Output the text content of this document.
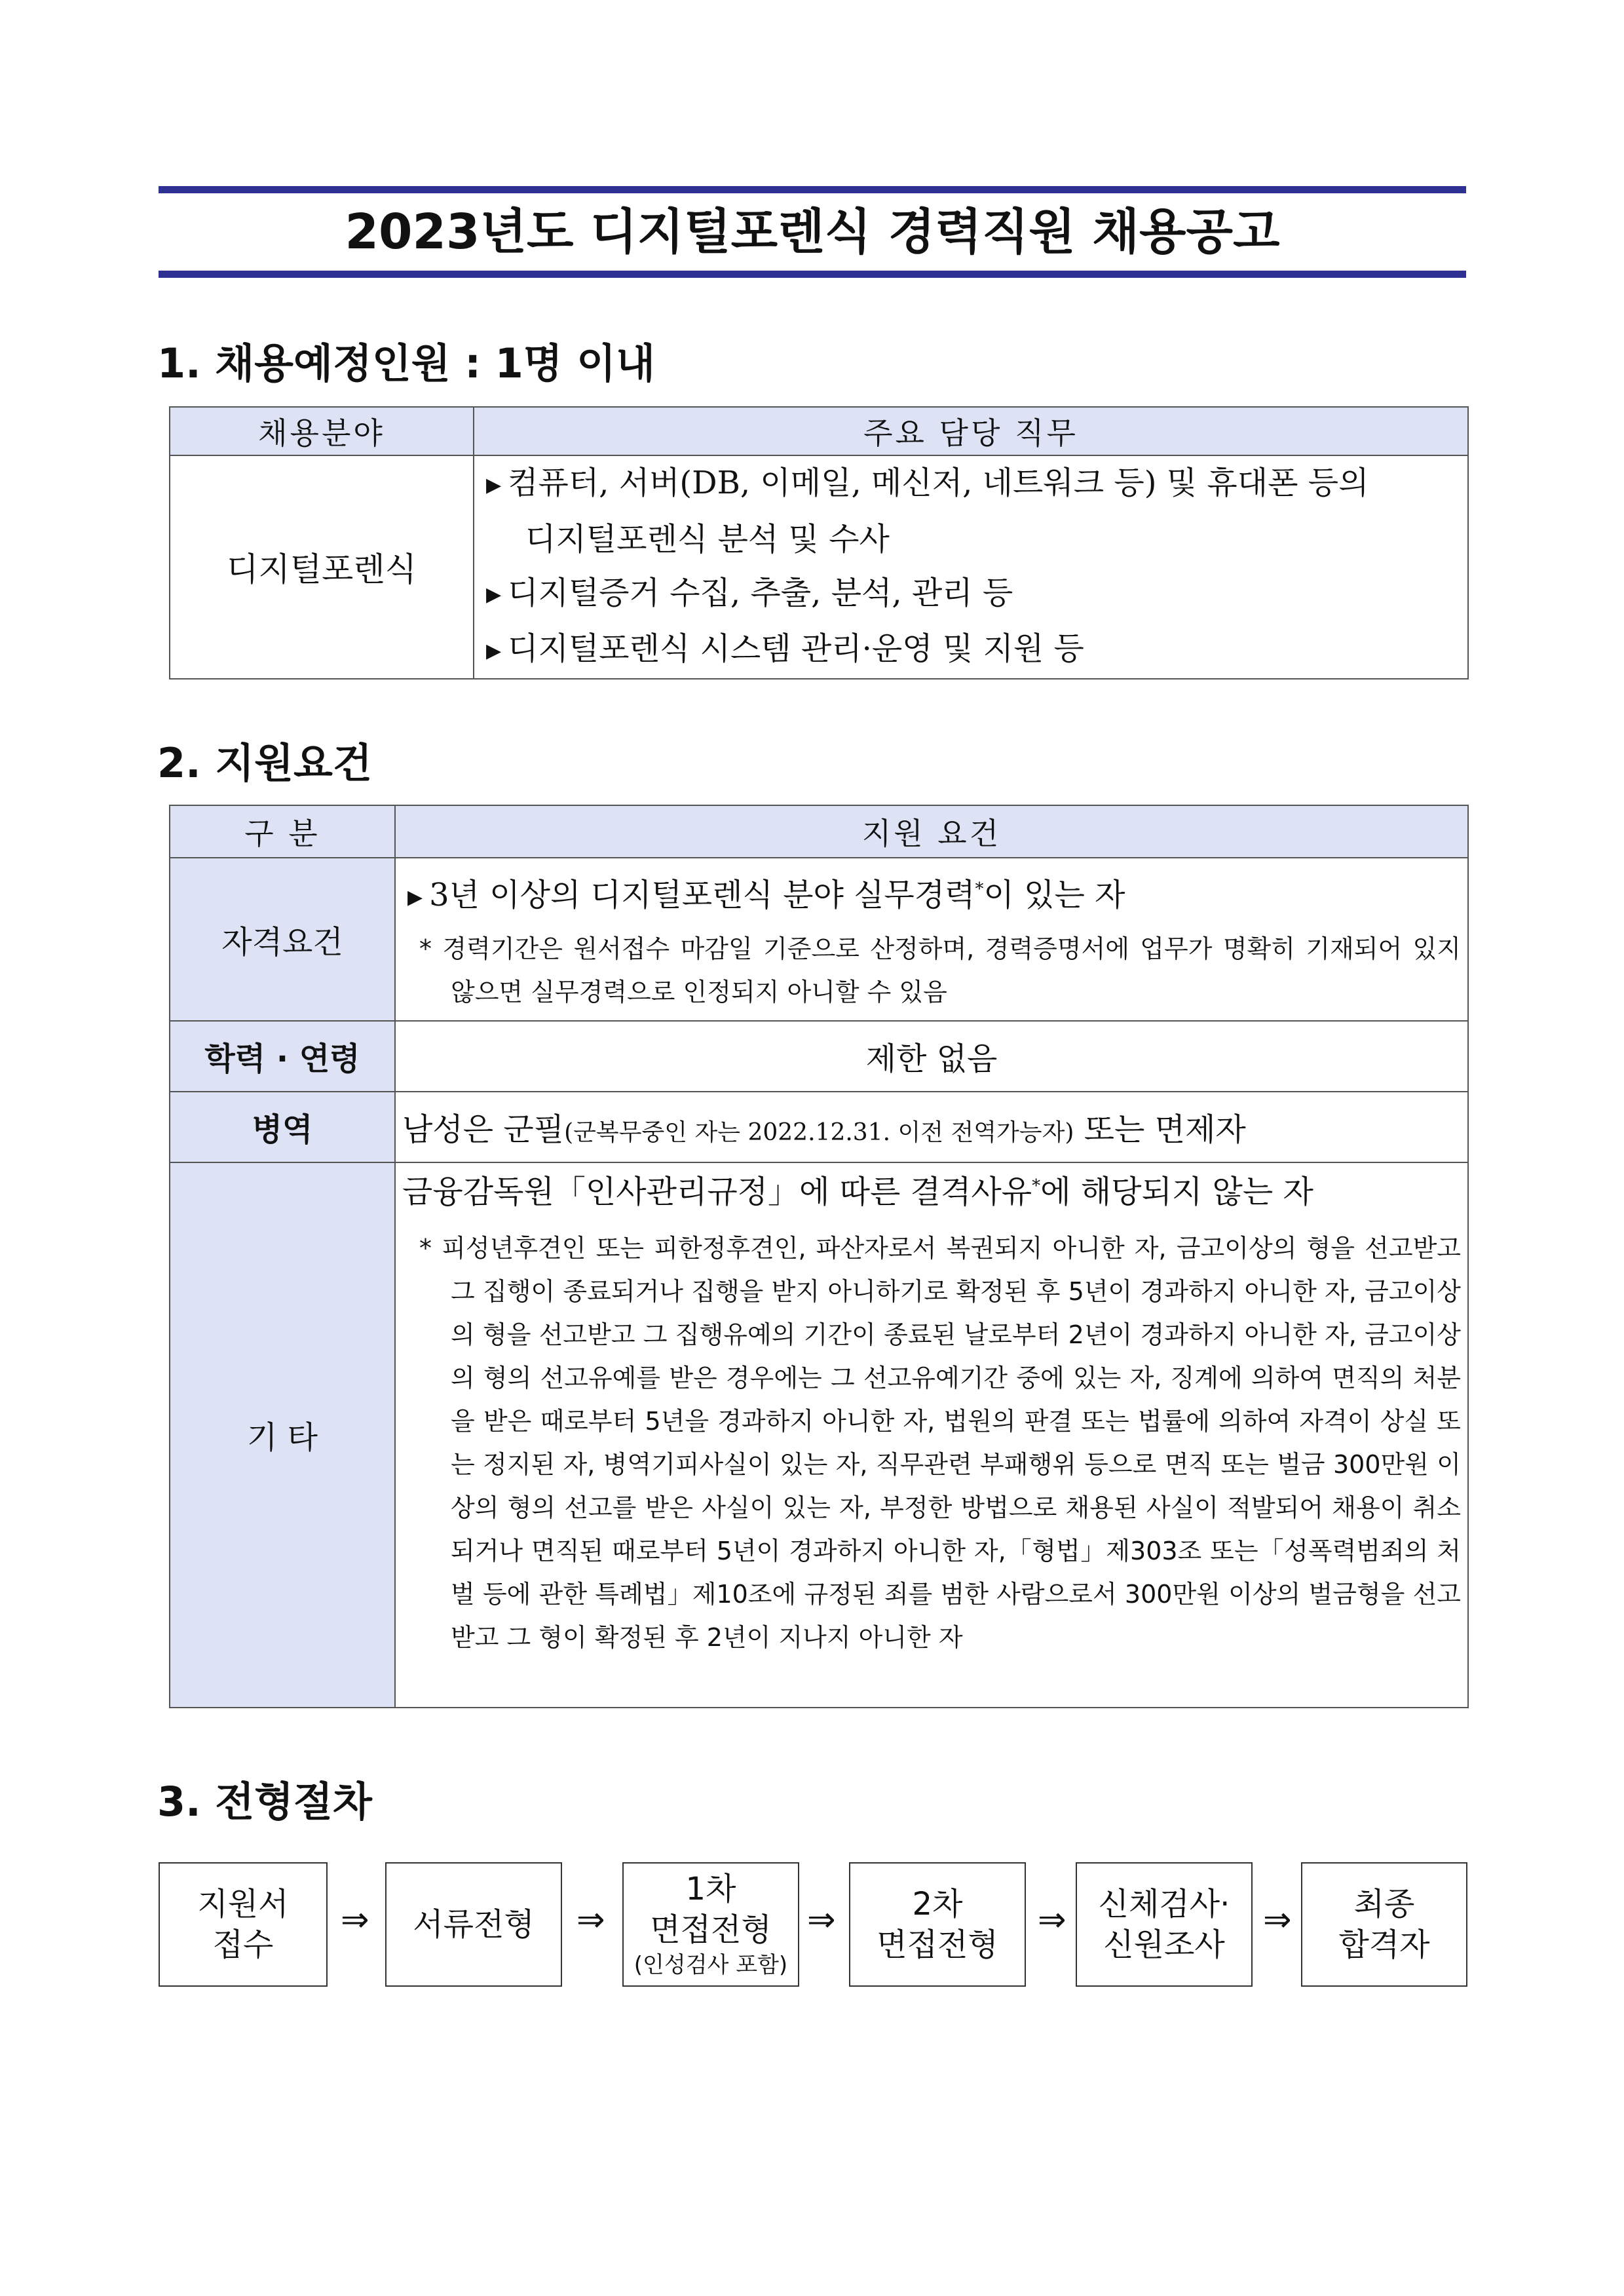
2023년도 디지털포렌식 경력직원 채용공고
1. 채용예정인원 : 1명 이내
채용분야	주요 담당 직무
디지털포렌식	▶ 컴퓨터, 서버(DB, 이메일, 메신저, 네트워크 등) 및 휴대폰 등의
디지털포렌식 분석 및 수사
▶ 디지털증거 수집, 추출, 분석, 관리 등
▶ 디지털포렌식 시스템 관리·운영 및 지원 등
2. 지원요건
구 분	지원 요건
자격요건	▶ 3년 이상의 디지털포렌식 분야 실무경력*이 있는 자
* 경력기간은 원서접수 마감일 기준으로 산정하며, 경력증명서에 업무가 명확히 기재되어 있지 않으면 실무경력으로 인정되지 아니할 수 있음

학력 · 연령	제한 없음
병역	남성은 군필(군복무중인 자는 2022.12.31. 이전 전역가능자) 또는 면제자
기 타	금융감독원「인사관리규정」에 따른 결격사유*에 해당되지 않는 자
* 피성년후견인 또는 피한정후견인, 파산자로서 복권되지 아니한 자, 금고이상의 형을 선고받고 그 집행이 종료되거나 집행을 받지 아니하기로 확정된 후 5년이 경과하지 아니한 자, 금고이상의 형을 선고받고 그 집행유예의 기간이 종료된 날로부터 2년이 경과하지 아니한 자, 금고이상의 형의 선고유예를 받은 경우에는 그 선고유예기간 중에 있는 자, 징계에 의하여 면직의 처분을 받은 때로부터 5년을 경과하지 아니한 자, 법원의 판결 또는 법률에 의하여 자격이 상실 또는 정지된 자, 병역기피사실이 있는 자, 직무관련 부패행위 등으로 면직 또는 벌금 300만원 이상의 형의 선고를 받은 사실이 있는 자, 부정한 방법으로 채용된 사실이 적발되어 채용이 취소되거나 면직된 때로부터 5년이 경과하지 아니한 자,「형법」제303조 또는「성폭력범죄의 처벌 등에 관한 특례법」제10조에 규정된 죄를 범한 사람으로서 300만원 이상의 벌금형을 선고받고 그 형이 확정된 후 2년이 지나지 아니한 자
3. 전형절차
지원서
접수
⇒ 서류전형 ⇒
1차
면접전형
(인성검사 포함)
⇒ 2차
면접전형
⇒ 신체검사·
신원조사
⇒ 최종
합격자
